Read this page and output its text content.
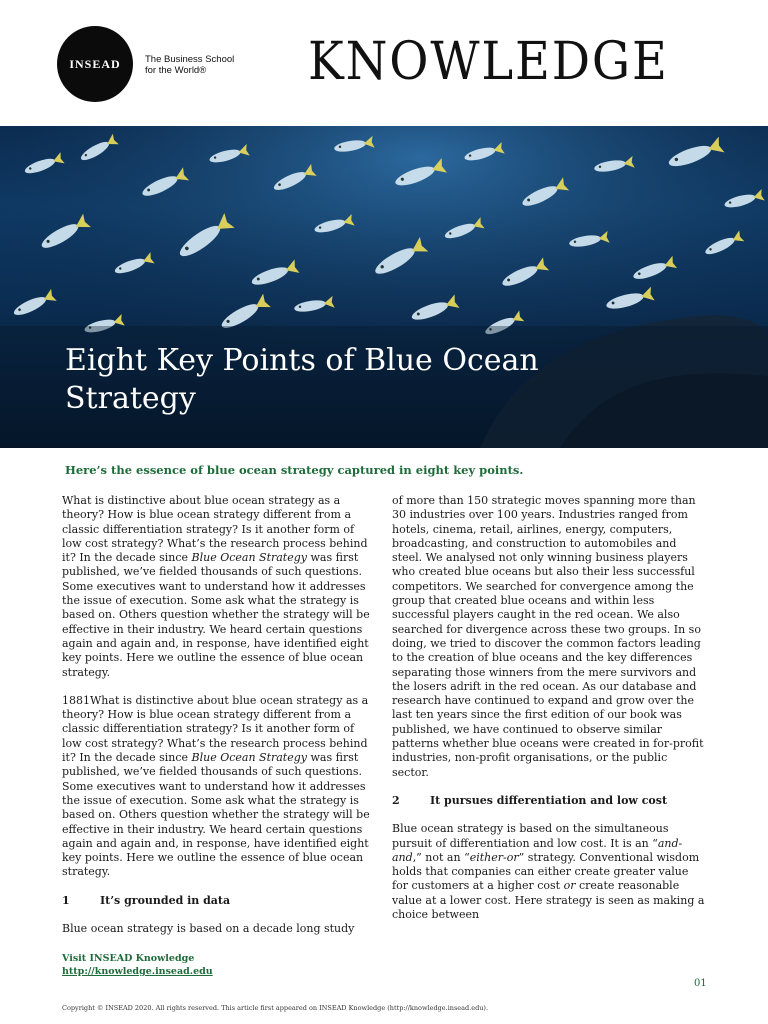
INSEAD	The Business School
for the World®	KNOWLEDGE
Eight Key Points of Blue Ocean Strategy
Here’s the essence of blue ocean strategy captured in eight key points.

What is distinctive about blue ocean strategy as a theory? How is blue ocean strategy different from a classic differentiation strategy? Is it another form of low cost strategy? What’s the research process behind it? In the decade since Blue Ocean Strategy was first published, we’ve fielded thousands of such questions. Some executives want to understand how it addresses the issue of execution. Some ask what the strategy is based on. Others question whether the strategy will be effective in their industry. We heard certain questions again and again and, in response, have identified eight key points. Here we outline the essence of blue ocean strategy.

1881What is distinctive about blue ocean strategy as a theory? How is blue ocean strategy different from a classic differentiation strategy? Is it another form of low cost strategy? What’s the research process behind it? In the decade since Blue Ocean Strategy was first published, we’ve fielded thousands of such questions. Some executives want to understand how it addresses the issue of execution. Some ask what the strategy is based on. Others question whether the strategy will be effective in their industry. We heard certain questions again and again and, in response, have identified eight key points. Here we outline the essence of blue ocean strategy.

1	It’s grounded in data

Blue ocean strategy is based on a decade long study

of more than 150 strategic moves spanning more than 30 industries over 100 years. Industries ranged from hotels, cinema, retail, airlines, energy, computers, broadcasting, and construction to automobiles and steel. We analysed not only winning business players who created blue oceans but also their less successful competitors. We searched for convergence among the group that created blue oceans and within less successful players caught in the red ocean. We also searched for divergence across these two groups. In so doing, we tried to discover the common factors leading to the creation of blue oceans and the key differences separating those winners from the mere survivors and the losers adrift in the red ocean. As our database and research have continued to expand and grow over the last ten years since the first edition of our book was published, we have continued to observe similar patterns whether blue oceans were created in for-profit industries, non-profit organisations, or the public sector.

2	It pursues differentiation and low cost

Blue ocean strategy is based on the simultaneous pursuit of differentiation and low cost. It is an “and-and,” not an “either-or” strategy. Conventional wisdom holds that companies can either create greater value for customers at a higher cost or create reasonable value at a lower cost. Here strategy is seen as making a choice between

Visit INSEAD Knowledge
http://knowledge.insead.edu
01
Copyright © INSEAD 2020. All rights reserved. This article first appeared on INSEAD Knowledge (http://knowledge.insead.edu).
